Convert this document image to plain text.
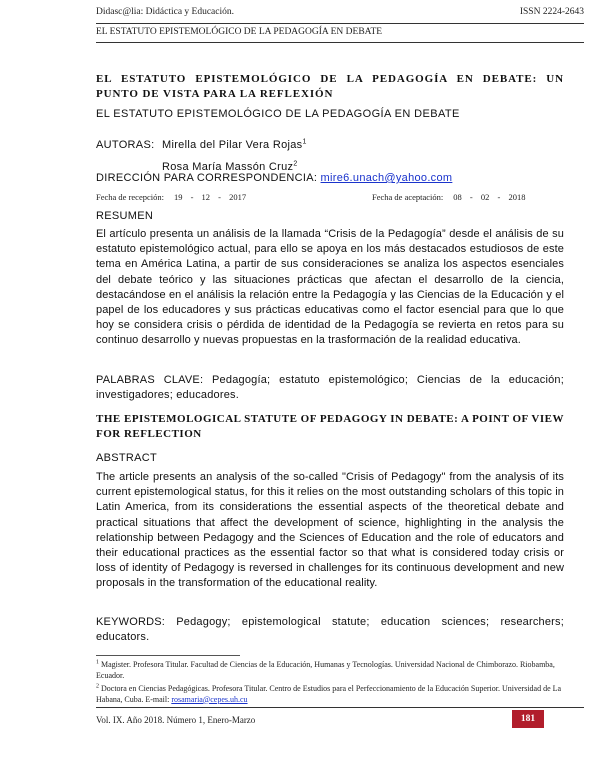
Didasc@lia: Didáctica y Educación.	ISSN 2224-2643
EL ESTATUTO EPISTEMOLÓGICO DE LA PEDAGOGÍA EN DEBATE
EL ESTATUTO EPISTEMOLÓGICO DE LA PEDAGOGÍA EN DEBATE: UN PUNTO DE VISTA PARA LA REFLEXIÓN
EL ESTATUTO EPISTEMOLÓGICO DE LA PEDAGOGÍA EN DEBATE
AUTORAS: Mirella del Pilar Vera Rojas$^1$
Rosa María Massón Cruz$^2$
DIRECCIÓN PARA CORRESPONDENCIA: mire6.unach@yahoo.com
Fecha de recepción: 19 - 12 - 2017	Fecha de aceptación: 08 - 02 - 2018
RESUMEN
El artículo presenta un análisis de la llamada “Crisis de la Pedagogía” desde el análisis de su estatuto epistemológico actual, para ello se apoya en los más destacados estudiosos de este tema en América Latina, a partir de sus consideraciones se analiza los aspectos esenciales del debate teórico y las situaciones prácticas que afectan el desarrollo de la ciencia, destacándose en el análisis la relación entre la Pedagogía y las Ciencias de la Educación y el papel de los educadores y sus prácticas educativas como el factor esencial para que lo que hoy se considera crisis o pérdida de identidad de la Pedagogía se revierta en retos para su continuo desarrollo y nuevas propuestas en la trasformación de la realidad educativa.
PALABRAS CLAVE: Pedagogía; estatuto epistemológico; Ciencias de la educación; investigadores; educadores.
THE EPISTEMOLOGICAL STATUTE OF PEDAGOGY IN DEBATE: A POINT OF VIEW FOR REFLECTION
ABSTRACT
The article presents an analysis of the so-called "Crisis of Pedagogy" from the analysis of its current epistemological status, for this it relies on the most outstanding scholars of this topic in Latin America, from its considerations the essential aspects of the theoretical debate and practical situations that affect the development of science, highlighting in the analysis the relationship between Pedagogy and the Sciences of Education and the role of educators and their educational practices as the essential factor so that what is considered today crisis or loss of identity of Pedagogy is reversed in challenges for its continuous development and new proposals in the transformation of the educational reality.
KEYWORDS: Pedagogy; epistemological statute; education sciences; researchers; educators.
$^1$ Magister. Profesora Titular. Facultad de Ciencias de la Educación, Humanas y Tecnologías. Universidad Nacional de Chimborazo. Riobamba, Ecuador.
$^2$ Doctora en Ciencias Pedagógicas. Profesora Titular. Centro de Estudios para el Perfeccionamiento de la Educación Superior. Universidad de La Habana, Cuba. E-mail: rosamaria@cepes.uh.cu
Vol. IX. Año 2018. Número 1, Enero-Marzo	181
